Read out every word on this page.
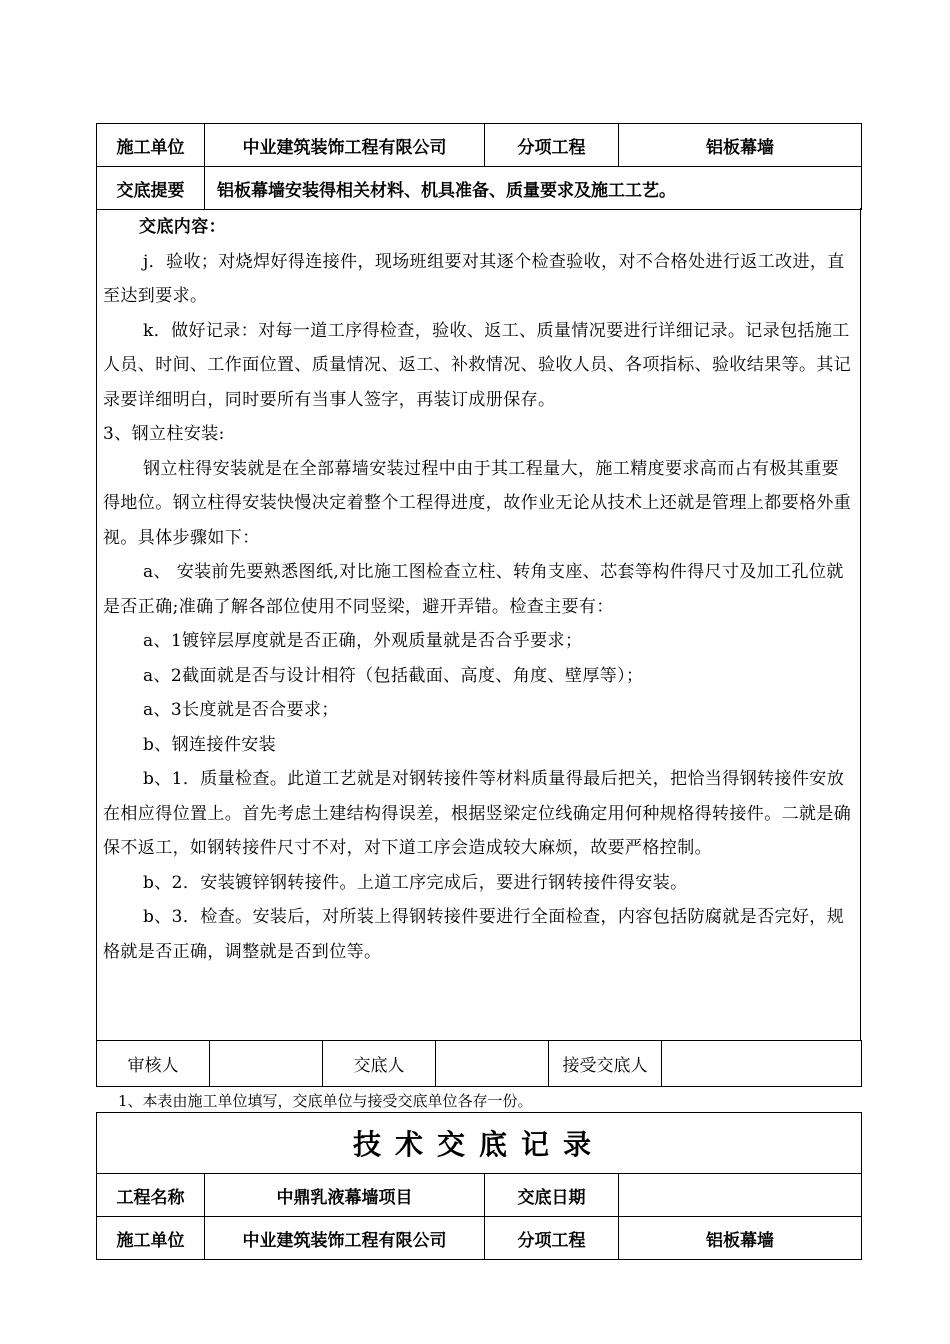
施工单位	中业建筑装饰工程有限公司	分项工程	铝板幕墙
交底提要	铝板幕墙安装得相关材料、机具准备、质量要求及施工工艺。		

交底内容：

j．验收；对烧焊好得连接件，现场班组要对其逐个检查验收，对不合格处进行返工改进，直至达到要求。

k．做好记录：对每一道工序得检查，验收、返工、质量情况要进行详细记录。记录包括施工人员、时间、工作面位置、质量情况、返工、补救情况、验收人员、各项指标、验收结果等。其记录要详细明白，同时要所有当事人签字，再装订成册保存。

3、钢立柱安装:

钢立柱得安装就是在全部幕墙安装过程中由于其工程量大，施工精度要求高而占有极其重要得地位。钢立柱得安装快慢决定着整个工程得进度，故作业无论从技术上还就是管理上都要格外重视。具体步骤如下：

a、 安装前先要熟悉图纸,对比施工图检查立柱、转角支座、芯套等构件得尺寸及加工孔位就是否正确;准确了解各部位使用不同竖梁，避开弄错。检查主要有：

a、1镀锌层厚度就是否正确，外观质量就是否合乎要求；

a、2截面就是否与设计相符（包括截面、高度、角度、壁厚等）；

a、3长度就是否合要求；

b、钢连接件安装

b、1．质量检查。此道工艺就是对钢转接件等材料质量得最后把关，把恰当得钢转接件安放在相应得位置上。首先考虑土建结构得误差，根据竖梁定位线确定用何种规格得转接件。二就是确保不返工，如钢转接件尺寸不对，对下道工序会造成较大麻烦，故要严格控制。

b、2．安装镀锌钢转接件。上道工序完成后，要进行钢转接件得安装。

b、3．检查。安装后，对所装上得钢转接件要进行全面检查，内容包括防腐就是否完好，规格就是否正确，调整就是否到位等。

审核人		交底人		接受交底人	
1、本表由施工单位填写，交底单位与接受交底单位各存一份。
技术交底记录			
工程名称	中鼎乳液幕墙项目	交底日期	
施工单位	中业建筑装饰工程有限公司	分项工程	铝板幕墙
